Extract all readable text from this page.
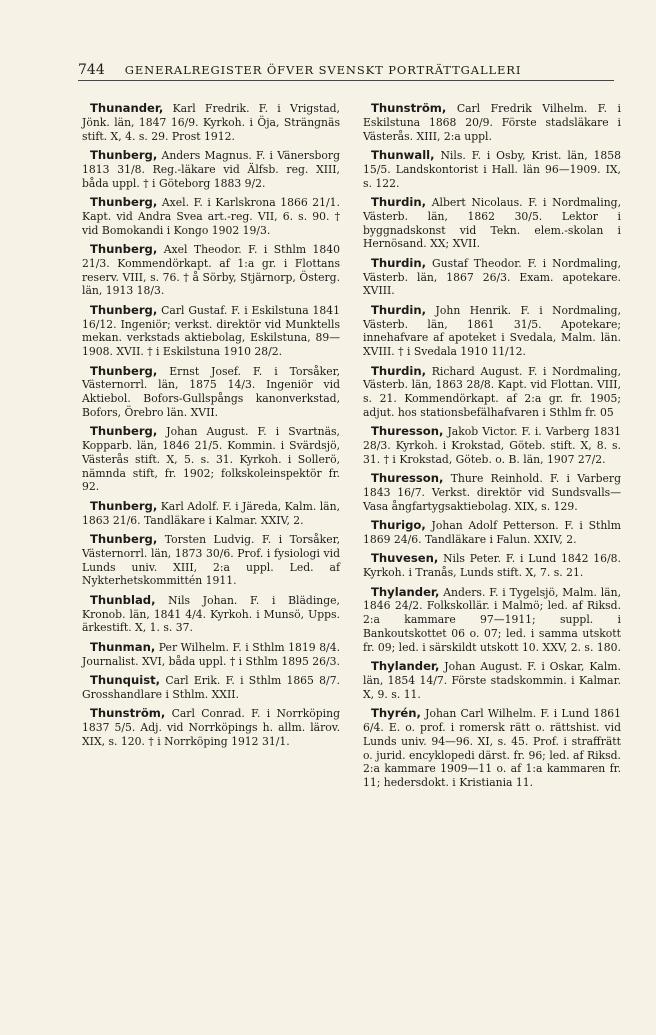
744 GENERALREGISTER ÖFVER SVENSKT PORTRÄTTGALLERI

Thunander, Karl Fredrik. F. i Vrigstad, Jönk. län, 1847 16/9. Kyrkoh. i Öja, Strängnäs stift. X, 4. s. 29. Prost 1912.

Thunberg, Anders Magnus. F. i Vänersborg 1813 31/8. Reg.-läkare vid Älfsb. reg. XIII, båda uppl. † i Göteborg 1883 9/2.

Thunberg, Axel. F. i Karlskrona 1866 21/1. Kapt. vid Andra Svea art.-reg. VII, 6. s. 90. † vid Bomokandi i Kongo 1902 19/3.

Thunberg, Axel Theodor. F. i Sthlm 1840 21/3. Kommendörkapt. af 1:a gr. i Flottans reserv. VIII, s. 76. † å Sörby, Stjärnorp, Österg. län, 1913 18/3.

Thunberg, Carl Gustaf. F. i Eskilstuna 1841 16/12. Ingeniör; verkst. direktör vid Munktells mekan. verkstads aktiebolag, Eskilstuna, 89—1908. XVII. † i Eskilstuna 1910 28/2.

Thunberg, Ernst Josef. F. i Torsåker, Västernorrl. län, 1875 14/3. Ingeniör vid Aktiebol. Bofors-Gullspångs kanonverkstad, Bofors, Örebro län. XVII.

Thunberg, Johan August. F. i Svartnäs, Kopparb. län, 1846 21/5. Kommin. i Svärdsjö, Västerås stift. X, 5. s. 31. Kyrkoh. i Sollerö, nämnda stift, fr. 1902; folkskoleinspektör fr. 92.

Thunberg, Karl Adolf. F. i Järeda, Kalm. län, 1863 21/6. Tandläkare i Kalmar. XXIV, 2.

Thunberg, Torsten Ludvig. F. i Torsåker, Västernorrl. län, 1873 30/6. Prof. i fysiologi vid Lunds univ. XIII, 2:a uppl. Led. af Nykterhetskommittén 1911.

Thunblad, Nils Johan. F. i Blädinge, Kronob. län, 1841 4/4. Kyrkoh. i Munsö, Upps. ärkestift. X, 1. s. 37.

Thunman, Per Wilhelm. F. i Sthlm 1819 8/4. Journalist. XVI, båda uppl. † i Sthlm 1895 26/3.

Thunquist, Carl Erik. F. i Sthlm 1865 8/7. Grosshandlare i Sthlm. XXII.

Thunström, Carl Conrad. F. i Norrköping 1837 5/5. Adj. vid Norrköpings h. allm. lärov. XIX, s. 120. † i Norrköping 1912 31/1.

Thunström, Carl Fredrik Vilhelm. F. i Eskilstuna 1868 20/9. Förste stadsläkare i Västerås. XIII, 2:a uppl.

Thunwall, Nils. F. i Osby, Krist. län, 1858 15/5. Landskontorist i Hall. län 96—1909. IX, s. 122.

Thurdin, Albert Nicolaus. F. i Nordmaling, Västerb. län, 1862 30/5. Lektor i byggnadskonst vid Tekn. elem.-skolan i Hernösand. XX; XVII.

Thurdin, Gustaf Theodor. F. i Nordmaling, Västerb. län, 1867 26/3. Exam. apotekare. XVIII.

Thurdin, John Henrik. F. i Nordmaling, Västerb. län, 1861 31/5. Apotekare; innehafvare af apoteket i Svedala, Malm. län. XVIII. † i Svedala 1910 11/12.

Thurdin, Richard August. F. i Nordmaling, Västerb. län, 1863 28/8. Kapt. vid Flottan. VIII, s. 21. Kommendörkapt. af 2:a gr. fr. 1905; adjut. hos stationsbefälhafvaren i Sthlm fr. 05

Thuresson, Jakob Victor. F. i. Varberg 1831 28/3. Kyrkoh. i Krokstad, Göteb. stift. X, 8. s. 31. † i Krokstad, Göteb. o. B. län, 1907 27/2.

Thuresson, Thure Reinhold. F. i Varberg 1843 16/7. Verkst. direktör vid Sundsvalls—Vasa ångfartygsaktiebolag. XIX, s. 129.

Thurigo, Johan Adolf Petterson. F. i Sthlm 1869 24/6. Tandläkare i Falun. XXIV, 2.

Thuvesen, Nils Peter. F. i Lund 1842 16/8. Kyrkoh. i Tranås, Lunds stift. X, 7. s. 21.

Thylander, Anders. F. i Tygelsjö, Malm. län, 1846 24/2. Folkskollär. i Malmö; led. af Riksd. 2:a kammare 97—1911; suppl. i Bankoutskottet 06 o. 07; led. i samma utskott fr. 09; led. i särskildt utskott 10. XXV, 2. s. 180.

Thylander, Johan August. F. i Oskar, Kalm. län, 1854 14/7. Förste stadskommin. i Kalmar. X, 9. s. 11.

Thyrén, Johan Carl Wilhelm. F. i Lund 1861 6/4. E. o. prof. i romersk rätt o. rättshist. vid Lunds univ. 94—96. XI, s. 45. Prof. i straffrätt o. jurid. encyklopedi därst. fr. 96; led. af Riksd. 2:a kammare 1909—11 o. af 1:a kammaren fr. 11; hedersdokt. i Kristiania 11.
